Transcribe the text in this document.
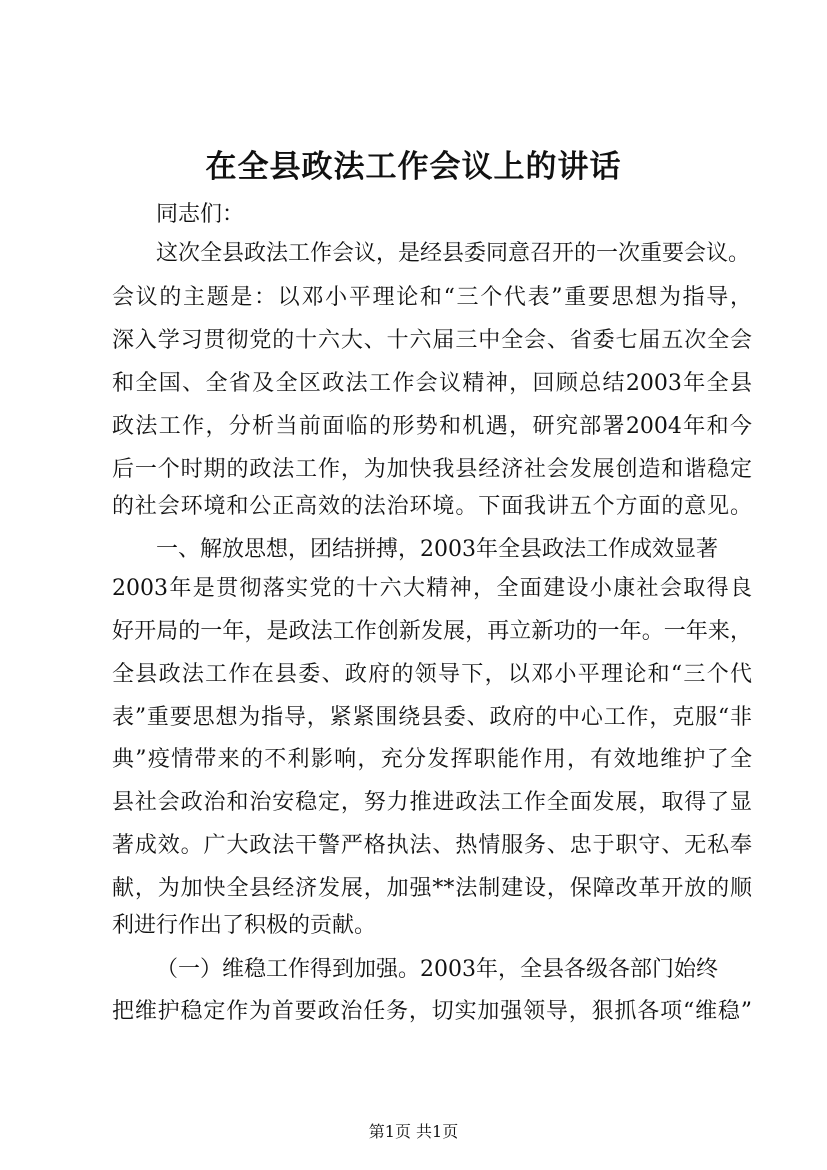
在全县政法工作会议上的讲话
同志们：
这次全县政法工作会议，是经县委同意召开的一次重要会议。
会议的主题是：以邓小平理论和“三个代表”重要思想为指导，
深入学习贯彻党的十六大、十六届三中全会、省委七届五次全会
和全国、全省及全区政法工作会议精神，回顾总结2003年全县
政法工作，分析当前面临的形势和机遇，研究部署2004年和今
后一个时期的政法工作，为加快我县经济社会发展创造和谐稳定
的社会环境和公正高效的法治环境。下面我讲五个方面的意见。
一、解放思想，团结拼搏，2003年全县政法工作成效显著
2003年是贯彻落实党的十六大精神，全面建设小康社会取得良
好开局的一年，是政法工作创新发展，再立新功的一年。一年来，
全县政法工作在县委、政府的领导下，以邓小平理论和“三个代
表”重要思想为指导，紧紧围绕县委、政府的中心工作，克服“非
典”疫情带来的不利影响，充分发挥职能作用，有效地维护了全
县社会政治和治安稳定，努力推进政法工作全面发展，取得了显
著成效。广大政法干警严格执法、热情服务、忠于职守、无私奉
献，为加快全县经济发展，加强**法制建设，保障改革开放的顺
利进行作出了积极的贡献。
（一）维稳工作得到加强。2003年，全县各级各部门始终
把维护稳定作为首要政治任务，切实加强领导，狠抓各项“维稳”
第1页 共1页
